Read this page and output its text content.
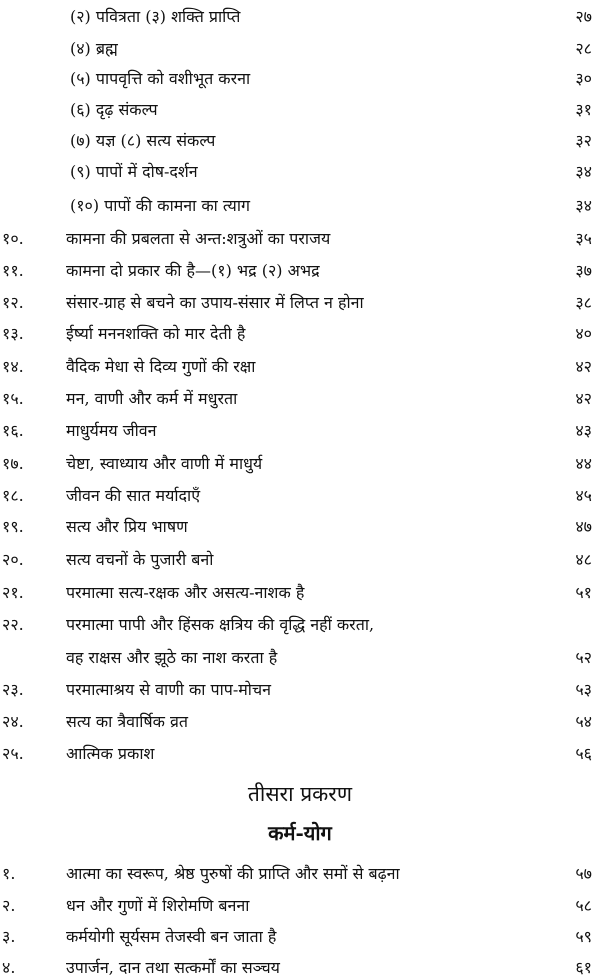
(२) पवित्रता (३) शक्ति प्राप्ति	२७
(४) ब्रह्म	२८
(५) पापवृत्ति को वशीभूत करना	३०
(६) दृढ़ संकल्प	३१
(७) यज्ञ (८) सत्य संकल्प	३२
(९) पापों में दोष-दर्शन	३४
(१०) पापों की कामना का त्याग	३४
१०.	कामना की प्रबलता से अन्त:शत्रुओं का पराजय	३५
११.	कामना दो प्रकार की है—(१) भद्र (२) अभद्र	३७
१२.	संसार-ग्राह से बचने का उपाय-संसार में लिप्त न होना	३८
१३.	ईर्ष्या मननशक्ति को मार देती है	४०
१४.	वैदिक मेधा से दिव्य गुणों की रक्षा	४२
१५.	मन, वाणी और कर्म में मधुरता	४२
१६.	माधुर्यमय जीवन	४३
१७.	चेष्टा, स्वाध्याय और वाणी में माधुर्य	४४
१८.	जीवन की सात मर्यादाएँ	४५
१९.	सत्य और प्रिय भाषण	४७
२०.	सत्य वचनों के पुजारी बनो	४८
२१.	परमात्मा सत्य-रक्षक और असत्य-नाशक है	५१
२२.	परमात्मा पापी और हिंसक क्षत्रिय की वृद्धि नहीं करता,
वह राक्षस और झूठे का नाश करता है	५२
२३.	परमात्माश्रय से वाणी का पाप-मोचन	५३
२४.	सत्य का त्रैवार्षिक व्रत	५४
२५.	आत्मिक प्रकाश	५६
तीसरा प्रकरण
कर्म-योग
१.	आत्मा का स्वरूप, श्रेष्ठ पुरुषों की प्राप्ति और समों से बढ़ना	५७
२.	धन और गुणों में शिरोमणि बनना	५८
३.	कर्मयोगी सूर्यसम तेजस्वी बन जाता है	५९
४.	उपार्जन, दान तथा सत्कर्मों का सञ्चय	६१
